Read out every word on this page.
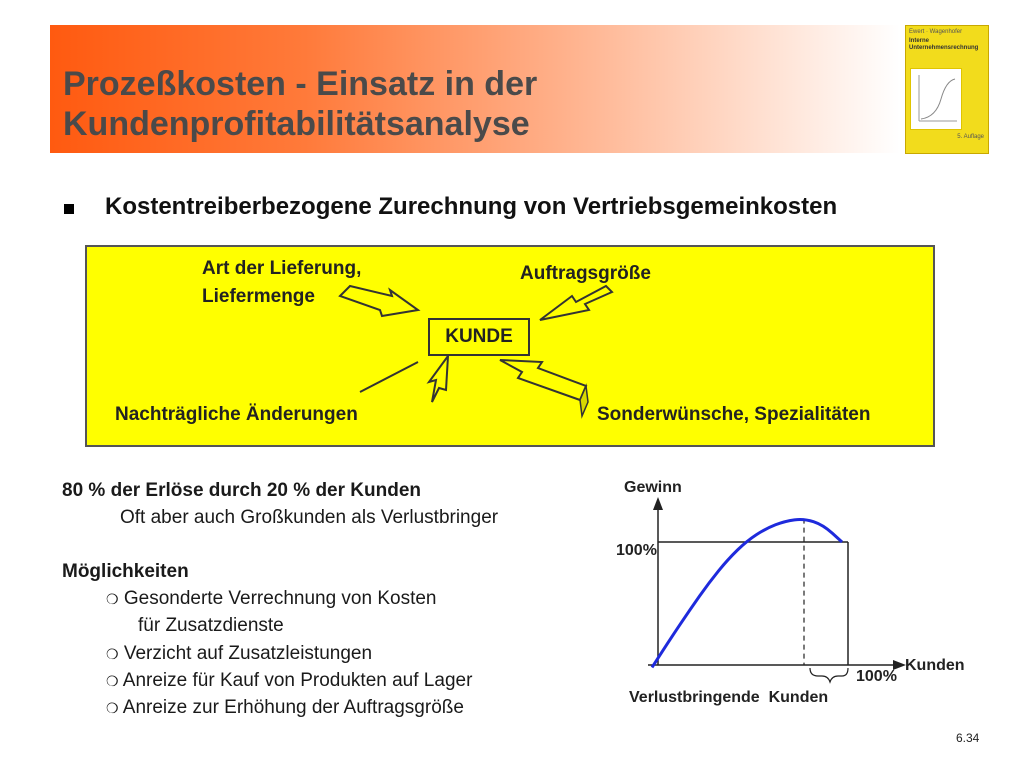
Prozeßkosten - Einsatz in der
Kundenprofitabilitätsanalyse
Ewert · Wagenhofer
Interne Unternehmensrechnung
5. Auflage
Kostentreiberbezogene Zurechnung von Vertriebsgemeinkosten
Art der Lieferung,
Liefermenge
Auftragsgröße
KUNDE
Nachträgliche Änderungen	Sonderwünsche, Spezialitäten
80 % der Erlöse durch 20 % der Kunden
Oft aber auch Großkunden als Verlustbringer
Möglichkeiten
❍ Gesonderte Verrechnung von Kosten
für Zusatzdienste
❍ Verzicht auf Zusatzleistungen
❍ Anreize für Kauf von Produkten auf Lager
❍ Anreize zur Erhöhung der Auftragsgröße
Gewinn
100%
100%
Kunden
Verlustbringende  Kunden
6.34
